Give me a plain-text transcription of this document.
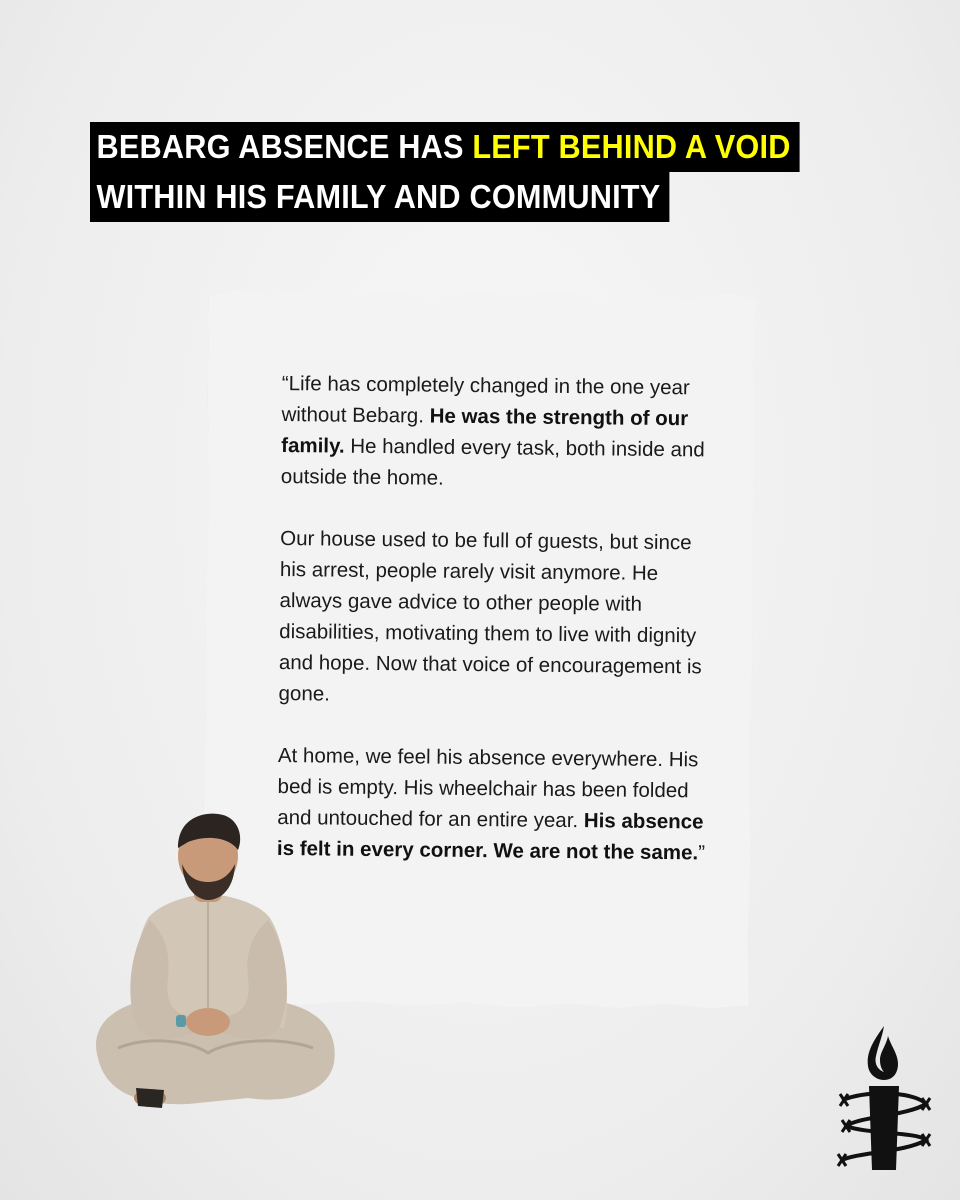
BEBARG ABSENCE HAS LEFT BEHIND A VOID
WITHIN HIS FAMILY AND COMMUNITY

“Life has completely changed in the one year without Bebarg. He was the strength of our family. He handled every task, both inside and outside the home.

Our house used to be full of guests, but since his arrest, people rarely visit anymore. He always gave advice to other people with disabilities, motivating them to live with dignity and hope. Now that voice of encouragement is gone.

At home, we feel his absence everywhere. His bed is empty. His wheelchair has been folded and untouched for an entire year. His absence is felt in every corner. We are not the same.”
